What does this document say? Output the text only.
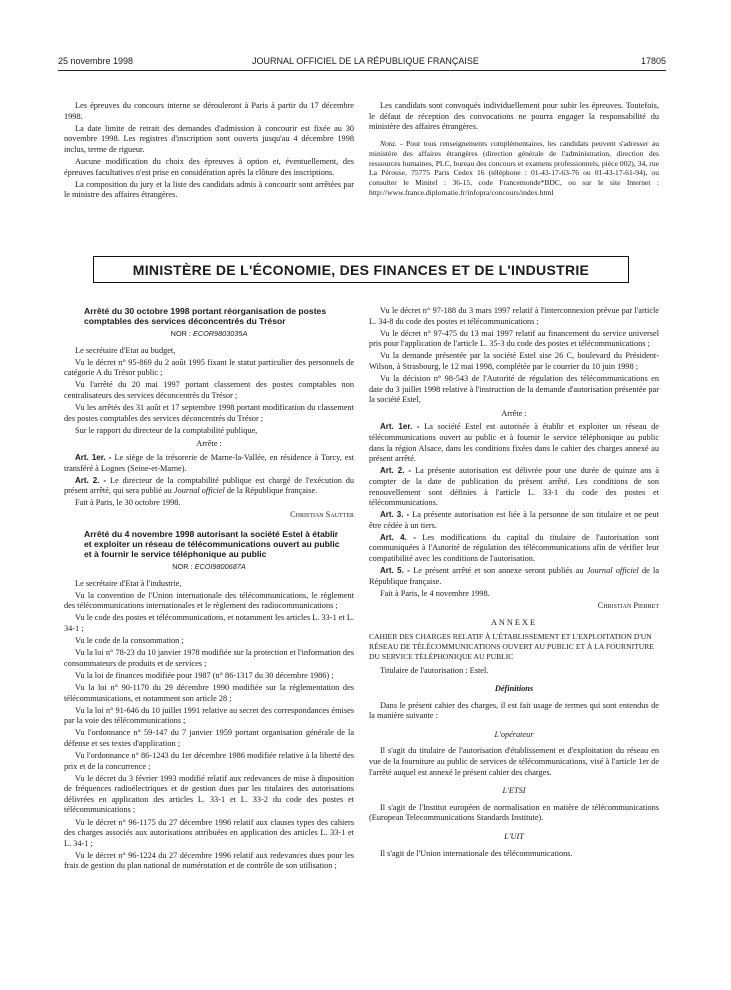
25 novembre 1998	JOURNAL OFFICIEL DE LA RÉPUBLIQUE FRANÇAISE	17805

Les épreuves du concours interne se dérouleront à Paris à partir du 17 décembre 1998.

La date limite de retrait des demandes d'admission à concourir est fixée au 30 novembre 1998. Les registres d'inscription sont ouverts jusqu'au 4 décembre 1998 inclus, terme de rigueur.

Aucune modification du choix des épreuves à option et, éventuellement, des épreuves facultatives n'est prise en considération après la clôture des inscriptions.

La composition du jury et la liste des candidats admis à concourir sont arrêtées par le ministre des affaires étrangères.

Les candidats sont convoqués individuellement pour subir les épreuves. Toutefois, le défaut de réception des convocations ne pourra engager la responsabilité du ministère des affaires étrangères.

Nota. - Pour tous renseignements complémentaires, les candidats peuvent s'adresser au ministère des affaires étrangères (direction générale de l'administration, direction des ressources humaines, PLC, bureau des concours et examens professionnels, pièce 002), 34, rue La Pérouse, 75775 Paris Cedex 16 (téléphone : 01-43-17-63-76 ou 01-43-17-61-94), ou consulter le Minitel : 36-15, code Francemonde*BDC, ou sur le site Internet : http://www.france.diplomatie.fr/infopra/concours/index.html

MINISTÈRE DE L'ÉCONOMIE, DES FINANCES ET DE L'INDUSTRIE

Arrêté du 30 octobre 1998 portant réorganisation de postes comptables des services déconcentrés du Trésor

NOR : ECOR9803035A

Le secrétaire d'Etat au budget,

Vu le décret n° 95-869 du 2 août 1995 fixant le statut particulier des personnels de catégorie A du Trésor public ;

Vu l'arrêté du 20 mai 1997 portant classement des postes comptables non centralisateurs des services déconcentrés du Trésor ;

Vu les arrêtés des 31 août et 17 septembre 1998 portant modification du classement des postes comptables des services déconcentrés du Trésor ;

Sur le rapport du directeur de la comptabilité publique,

Arrête :

Art. 1er. - Le siège de la trésorerie de Marne-la-Vallée, en résidence à Torcy, est transféré à Lognes (Seine-et-Marne).

Art. 2. - Le directeur de la comptabilité publique est chargé de l'exécution du présent arrêté, qui sera publié au Journal officiel de la République française.

Fait à Paris, le 30 octobre 1998.

Christian Sautter

Arrêté du 4 novembre 1998 autorisant la société Estel à établir et exploiter un réseau de télécommunications ouvert au public et à fournir le service téléphonique au public

NOR : ECOI9800687A

Le secrétaire d'Etat à l'industrie,

Vu la convention de l'Union internationale des télécommunications, le règlement des télécommunications internationales et le règlement des radiocommunications ;

Vu le code des postes et télécommunications, et notamment les articles L. 33-1 et L. 34-1 ;

Vu le code de la consommation ;

Vu la loi n° 78-23 du 10 janvier 1978 modifiée sur la protection et l'information des consommateurs de produits et de services ;

Vu la loi de finances modifiée pour 1987 (n° 86-1317 du 30 décembre 1986) ;

Vu la loi n° 90-1170 du 29 décembre 1990 modifiée sur la réglementation des télécommunications, et notamment son article 28 ;

Vu la loi n° 91-646 du 10 juillet 1991 relative au secret des correspondances émises par la voie des télécommunications ;

Vu l'ordonnance n° 59-147 du 7 janvier 1959 portant organisation générale de la défense et ses textes d'application ;

Vu l'ordonnance n° 86-1243 du 1er décembre 1986 modifiée relative à la liberté des prix et de la concurrence ;

Vu le décret du 3 février 1993 modifié relatif aux redevances de mise à disposition de fréquences radioélectriques et de gestion dues par les titulaires des autorisations délivrées en application des articles L. 33-1 et L. 33-2 du code des postes et télécommunications ;

Vu le décret n° 96-1175 du 27 décembre 1996 relatif aux clauses types des cahiers des charges associés aux autorisations attribuées en application des articles L. 33-1 et L. 34-1 ;

Vu le décret n° 96-1224 du 27 décembre 1996 relatif aux redevances dues pour les frais de gestion du plan national de numérotation et de contrôle de son utilisation ;

Vu le décret n° 97-188 du 3 mars 1997 relatif à l'interconnexion prévue par l'article L. 34-8 du code des postes et télécommunications ;

Vu le décret n° 97-475 du 13 mai 1997 relatif au financement du service universel pris pour l'application de l'article L. 35-3 du code des postes et télécommunications ;

Vu la demande présentée par la société Estel sise 26 C, boulevard du Président-Wilson, à Strasbourg, le 12 mai 1998, complétée par le courrier du 10 juin 1998 ;

Vu la décision n° 98-543 de l'Autorité de régulation des télécommunications en date du 3 juillet 1998 relative à l'instruction de la demande d'autorisation présentée par la société Estel,

Arrête :

Art. 1er. - La société Estel est autorisée à établir et exploiter un réseau de télécommunications ouvert au public et à fournir le service téléphonique au public dans la région Alsace, dans les conditions fixées dans le cahier des charges annexé au présent arrêté.

Art. 2. - La présente autorisation est délivrée pour une durée de quinze ans à compter de la date de publication du présent arrêté. Les conditions de son renouvellement sont définies à l'article L. 33-1 du code des postes et télécommunications.

Art. 3. - La présente autorisation est liée à la personne de son titulaire et ne peut être cédée à un tiers.

Art. 4. - Les modifications du capital du titulaire de l'autorisation sont communiquées à l'Autorité de régulation des télécommunications afin de vérifier leur compatibilité avec les conditions de l'autorisation.

Art. 5. - Le présent arrêté et son annexe seront publiés au Journal officiel de la République française.

Fait à Paris, le 4 novembre 1998.

Christian Pierret

ANNEXE

CAHIER DES CHARGES RELATIF À L'ÉTABLISSEMENT ET L'EXPLOITATION D'UN RÉSEAU DE TÉLÉCOMMUNICATIONS OUVERT AU PUBLIC ET À LA FOURNITURE DU SERVICE TÉLÉPHONIQUE AU PUBLIC

Titulaire de l'autorisation : Estel.

Définitions

Dans le présent cahier des charges, il est fait usage de termes qui sont entendus de la manière suivante :

L'opérateur

Il s'agit du titulaire de l'autorisation d'établissement et d'exploitation du réseau en vue de la fourniture au public de services de télécommunications, visé à l'article 1er de l'arrêté auquel est annexé le présent cahier des charges.

L'ETSI

Il s'agit de l'Institut européen de normalisation en matière de télécommunications (European Telecommunications Standards Institute).

L'UIT

Il s'agit de l'Union internationale des télécommunications.
